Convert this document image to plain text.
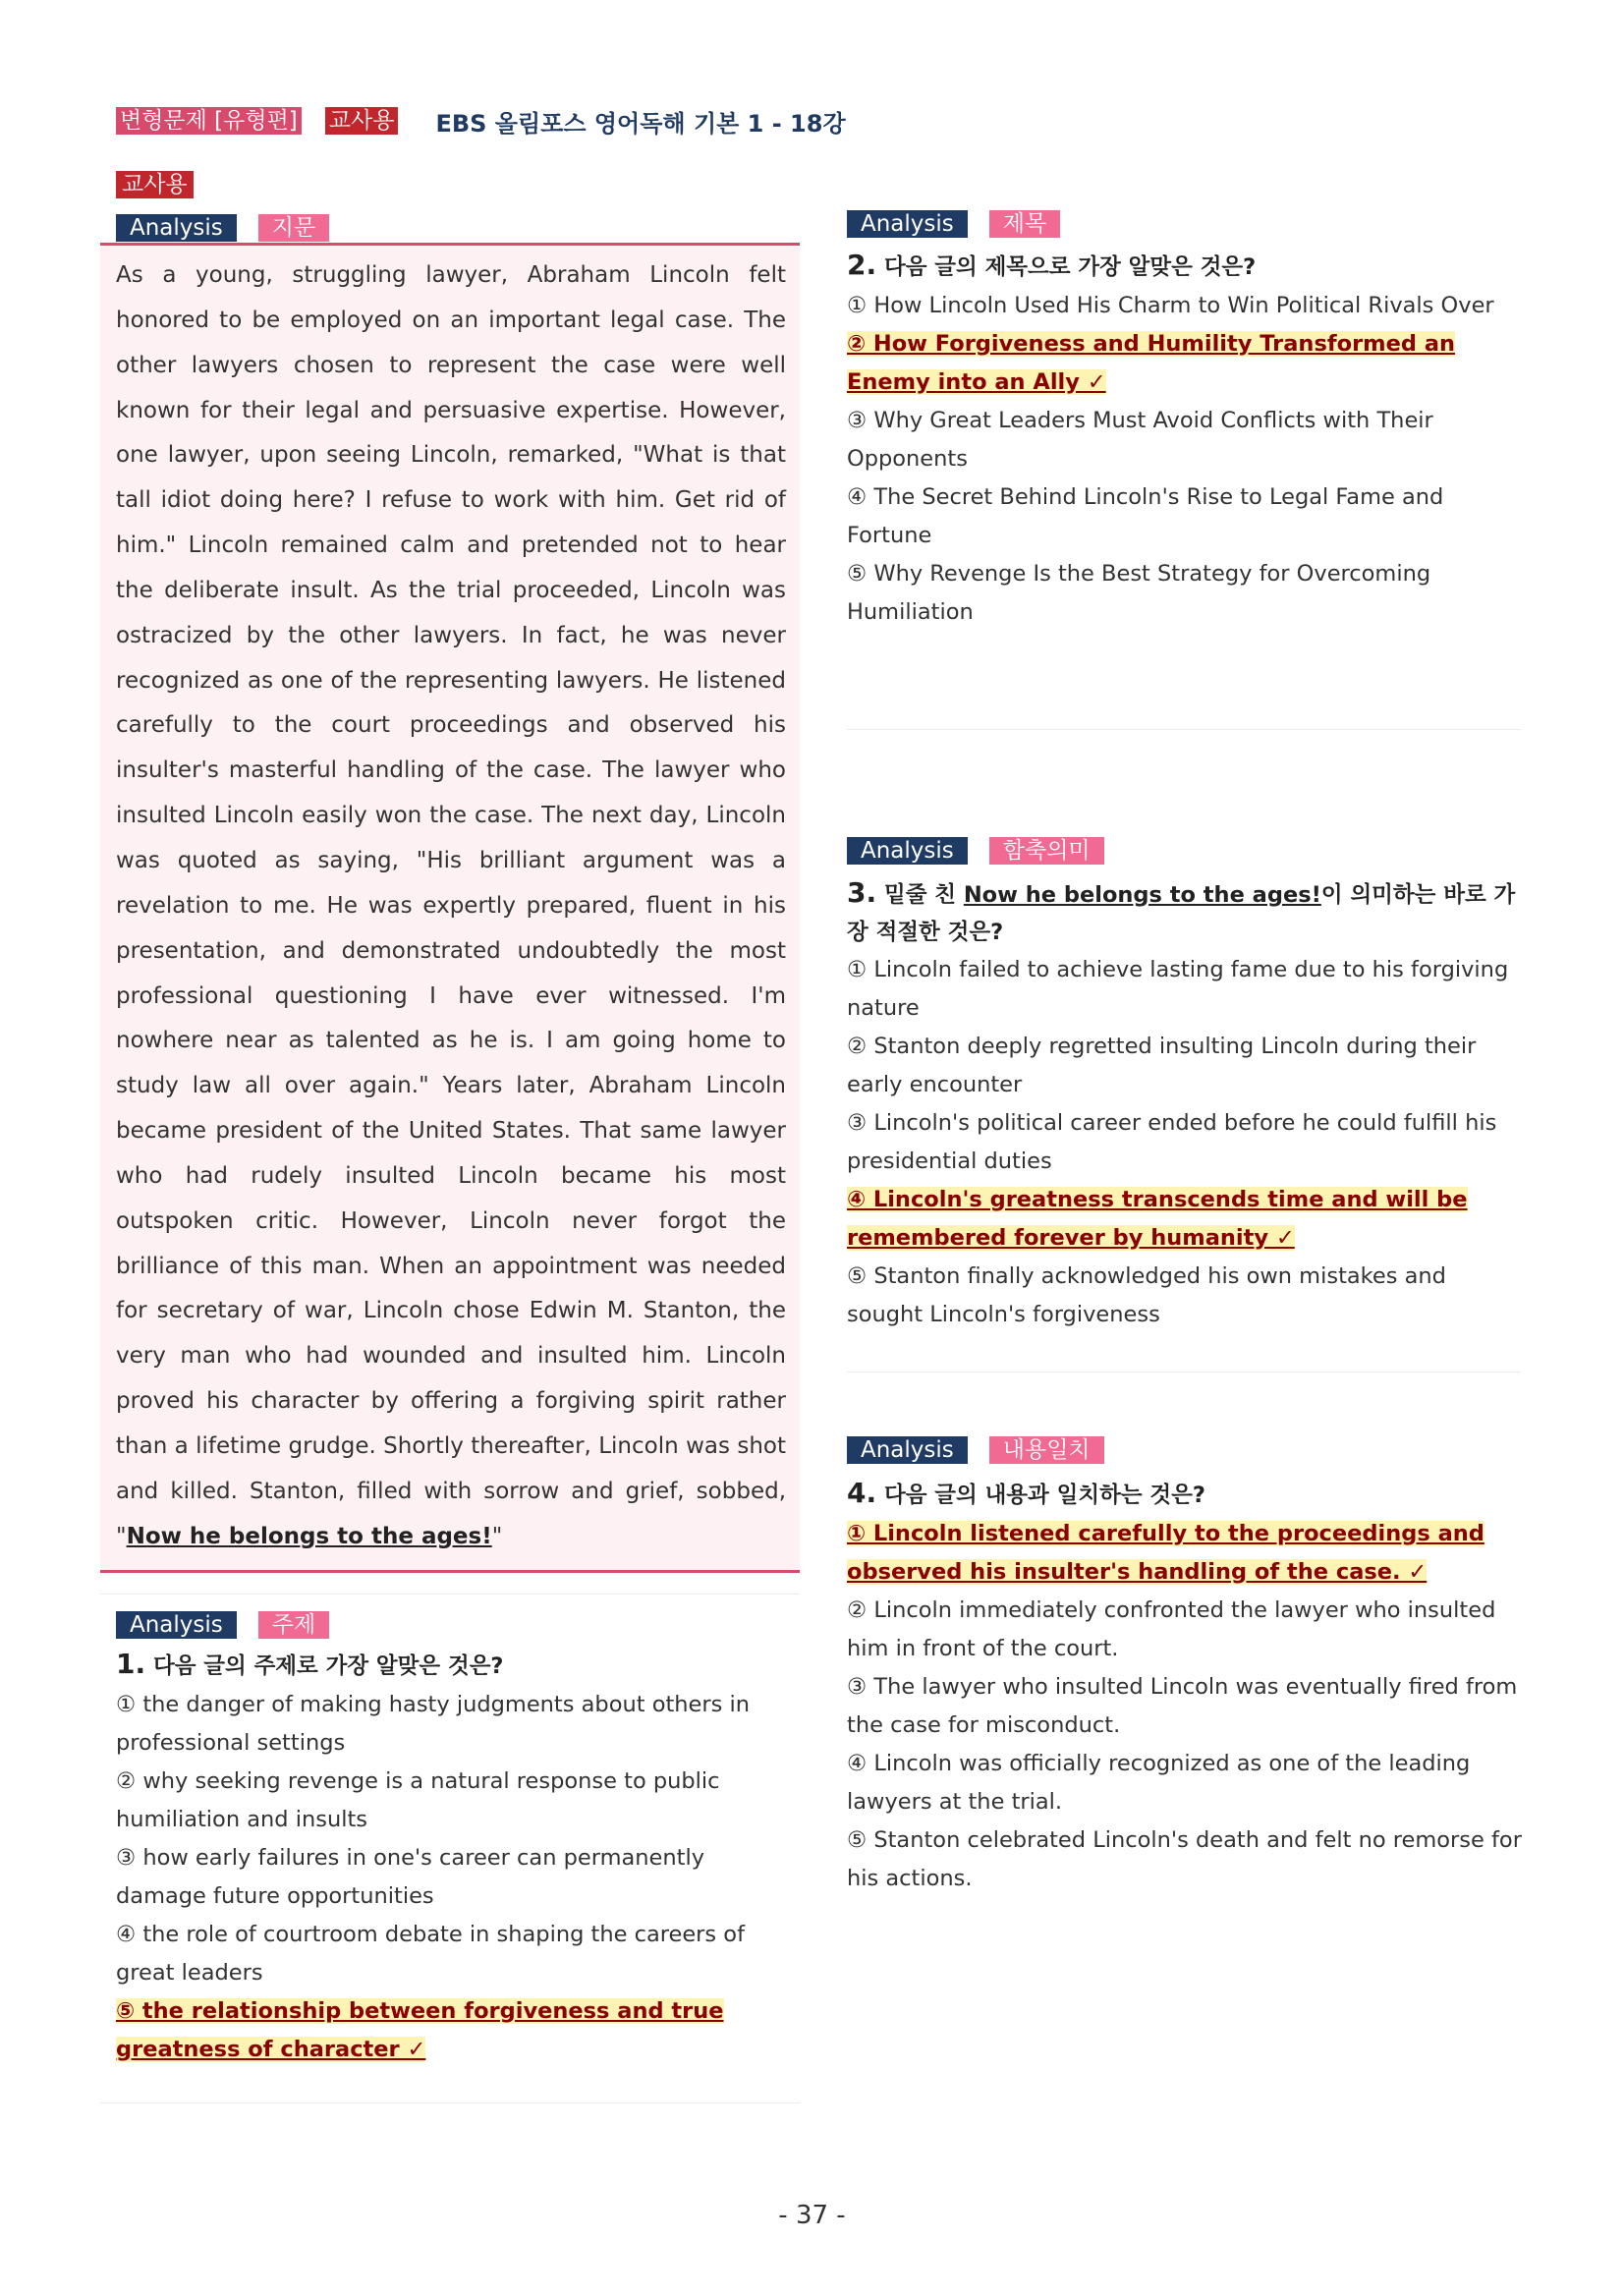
변형문제 [유형편] 교사용 EBS 올림포스 영어독해 기본 1 - 18강
교사용
Analysis	지문

As a young, struggling lawyer, Abraham Lincoln felt honored to be employed on an important legal case. The other lawyers chosen to represent the case were well known for their legal and persuasive expertise. However, one lawyer, upon seeing Lincoln, remarked, "What is that tall idiot doing here? I refuse to work with him. Get rid of him." Lincoln remained calm and pretended not to hear the deliberate insult. As the trial proceeded, Lincoln was ostracized by the other lawyers. In fact, he was never recognized as one of the representing lawyers. He listened carefully to the court proceedings and observed his insulter's masterful handling of the case. The lawyer who insulted Lincoln easily won the case. The next day, Lincoln was quoted as saying, "His brilliant argument was a revelation to me. He was expertly prepared, fluent in his presentation, and demonstrated undoubtedly the most professional questioning I have ever witnessed. I'm nowhere near as talented as he is. I am going home to study law all over again." Years later, Abraham Lincoln became president of the United States. That same lawyer who had rudely insulted Lincoln became his most outspoken critic. However, Lincoln never forgot the brilliance of this man. When an appointment was needed for secretary of war, Lincoln chose Edwin M. Stanton, the very man who had wounded and insulted him. Lincoln proved his character by offering a forgiving spirit rather than a lifetime grudge. Shortly thereafter, Lincoln was shot and killed. Stanton, filled with sorrow and grief, sobbed, "Now he belongs to the ages!"

Analysis	주제
1. 다음 글의 주제로 가장 알맞은 것은?
① the danger of making hasty judgments about others in professional settings
② why seeking revenge is a natural response to public humiliation and insults
③ how early failures in one's career can permanently damage future opportunities
④ the role of courtroom debate in shaping the careers of great leaders
⑤ the relationship between forgiveness and true greatness of character ✓
Analysis	제목
2. 다음 글의 제목으로 가장 알맞은 것은?
① How Lincoln Used His Charm to Win Political Rivals Over
② How Forgiveness and Humility Transformed an Enemy into an Ally ✓
③ Why Great Leaders Must Avoid Conflicts with Their Opponents
④ The Secret Behind Lincoln's Rise to Legal Fame and Fortune
⑤ Why Revenge Is the Best Strategy for Overcoming Humiliation
Analysis	함축의미
3. 밑줄 친 Now he belongs to the ages!이 의미하는 바로 가장 적절한 것은?
① Lincoln failed to achieve lasting fame due to his forgiving nature
② Stanton deeply regretted insulting Lincoln during their early encounter
③ Lincoln's political career ended before he could fulfill his presidential duties
④ Lincoln's greatness transcends time and will be remembered forever by humanity ✓
⑤ Stanton finally acknowledged his own mistakes and sought Lincoln's forgiveness
Analysis	내용일치
4. 다음 글의 내용과 일치하는 것은?
① Lincoln listened carefully to the proceedings and observed his insulter's handling of the case. ✓
② Lincoln immediately confronted the lawyer who insulted him in front of the court.
③ The lawyer who insulted Lincoln was eventually fired from the case for misconduct.
④ Lincoln was officially recognized as one of the leading lawyers at the trial.
⑤ Stanton celebrated Lincoln's death and felt no remorse for his actions.
- 37 -
